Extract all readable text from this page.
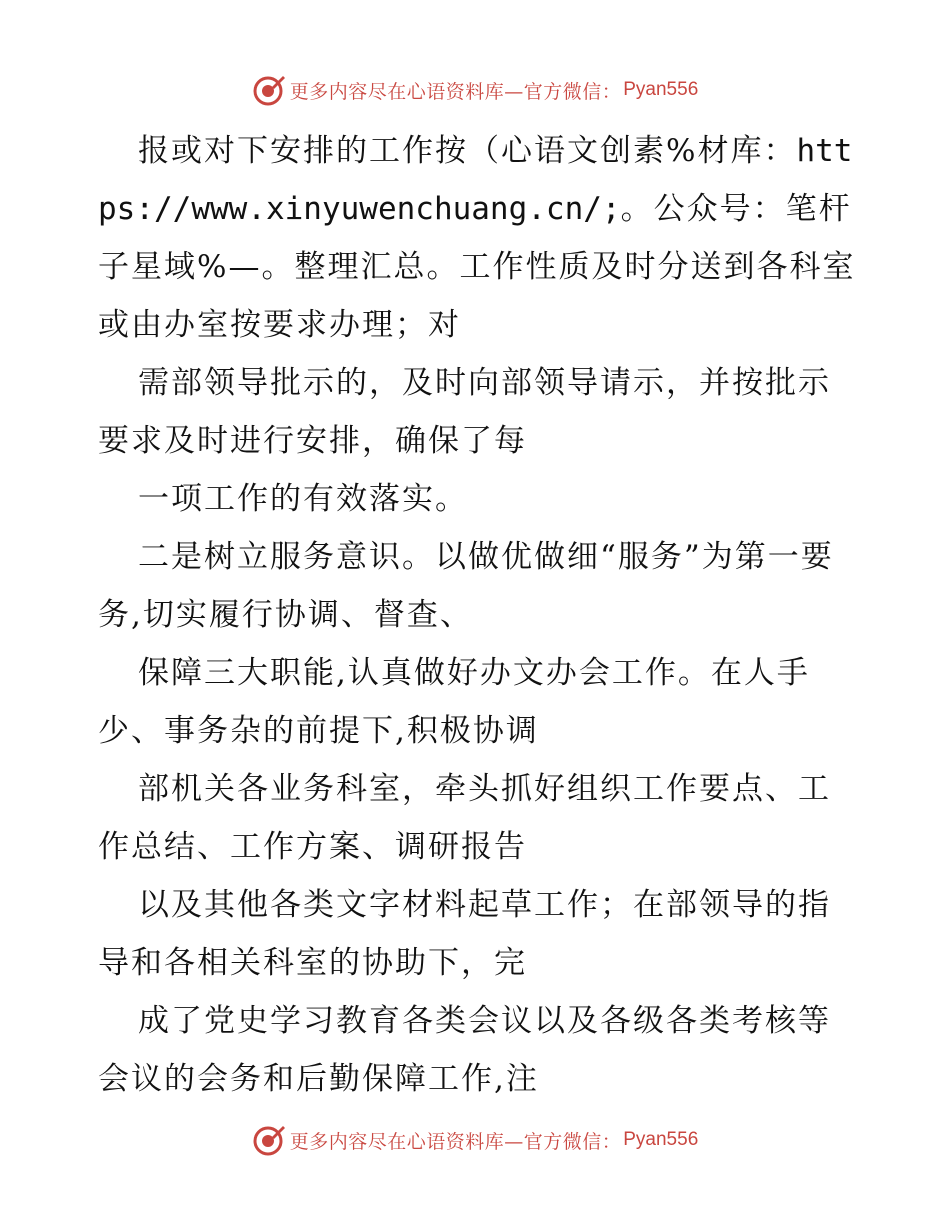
更多内容尽在心语资料库—官方微信： Pyan556

报或对下安排的工作按（心语文创素%材库：https://www.xinyuwenchuang.cn/;。公众号：笔杆子星域%—。整理汇总。工作性质及时分送到各科室或由办室按要求办理；对

需部领导批示的，及时向部领导请示，并按批示要求及时进行安排，确保了每

一项工作的有效落实。

二是树立服务意识。以做优做细“服务”为第一要务,切实履行协调、督查、

保障三大职能,认真做好办文办会工作。在人手少、事务杂的前提下,积极协调

部机关各业务科室，牵头抓好组织工作要点、工作总结、工作方案、调研报告

以及其他各类文字材料起草工作；在部领导的指导和各相关科室的协助下，完

成了党史学习教育各类会议以及各级各类考核等会议的会务和后勤保障工作,注

更多内容尽在心语资料库—官方微信： Pyan556
